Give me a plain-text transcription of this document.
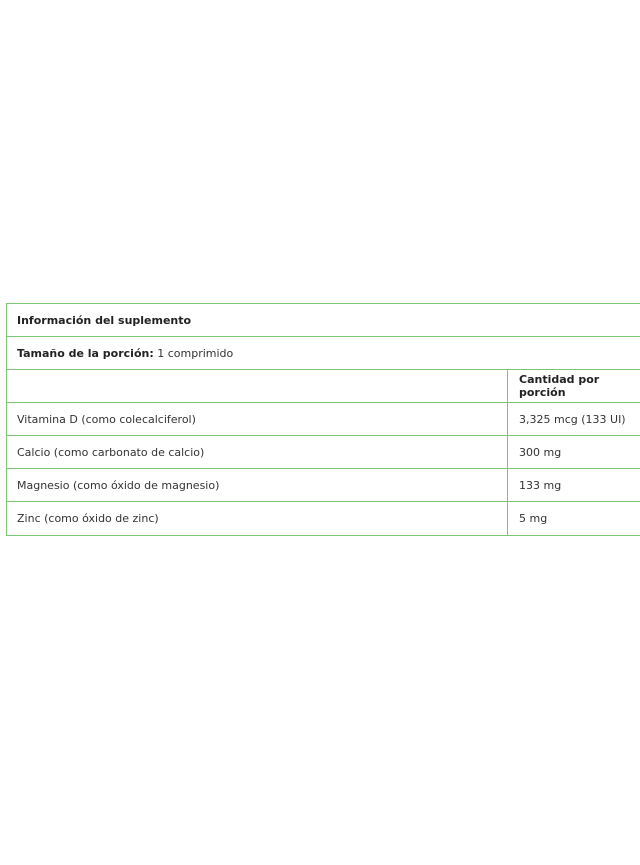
Información del suplemento
Tamaño de la porción: 1 comprimido
Cantidad por porción
Vitamina D (como colecalciferol)	3,325 mcg (133 UI)
Calcio (como carbonato de calcio)	300 mg
Magnesio (como óxido de magnesio)	133 mg
Zinc (como óxido de zinc)	5 mg
